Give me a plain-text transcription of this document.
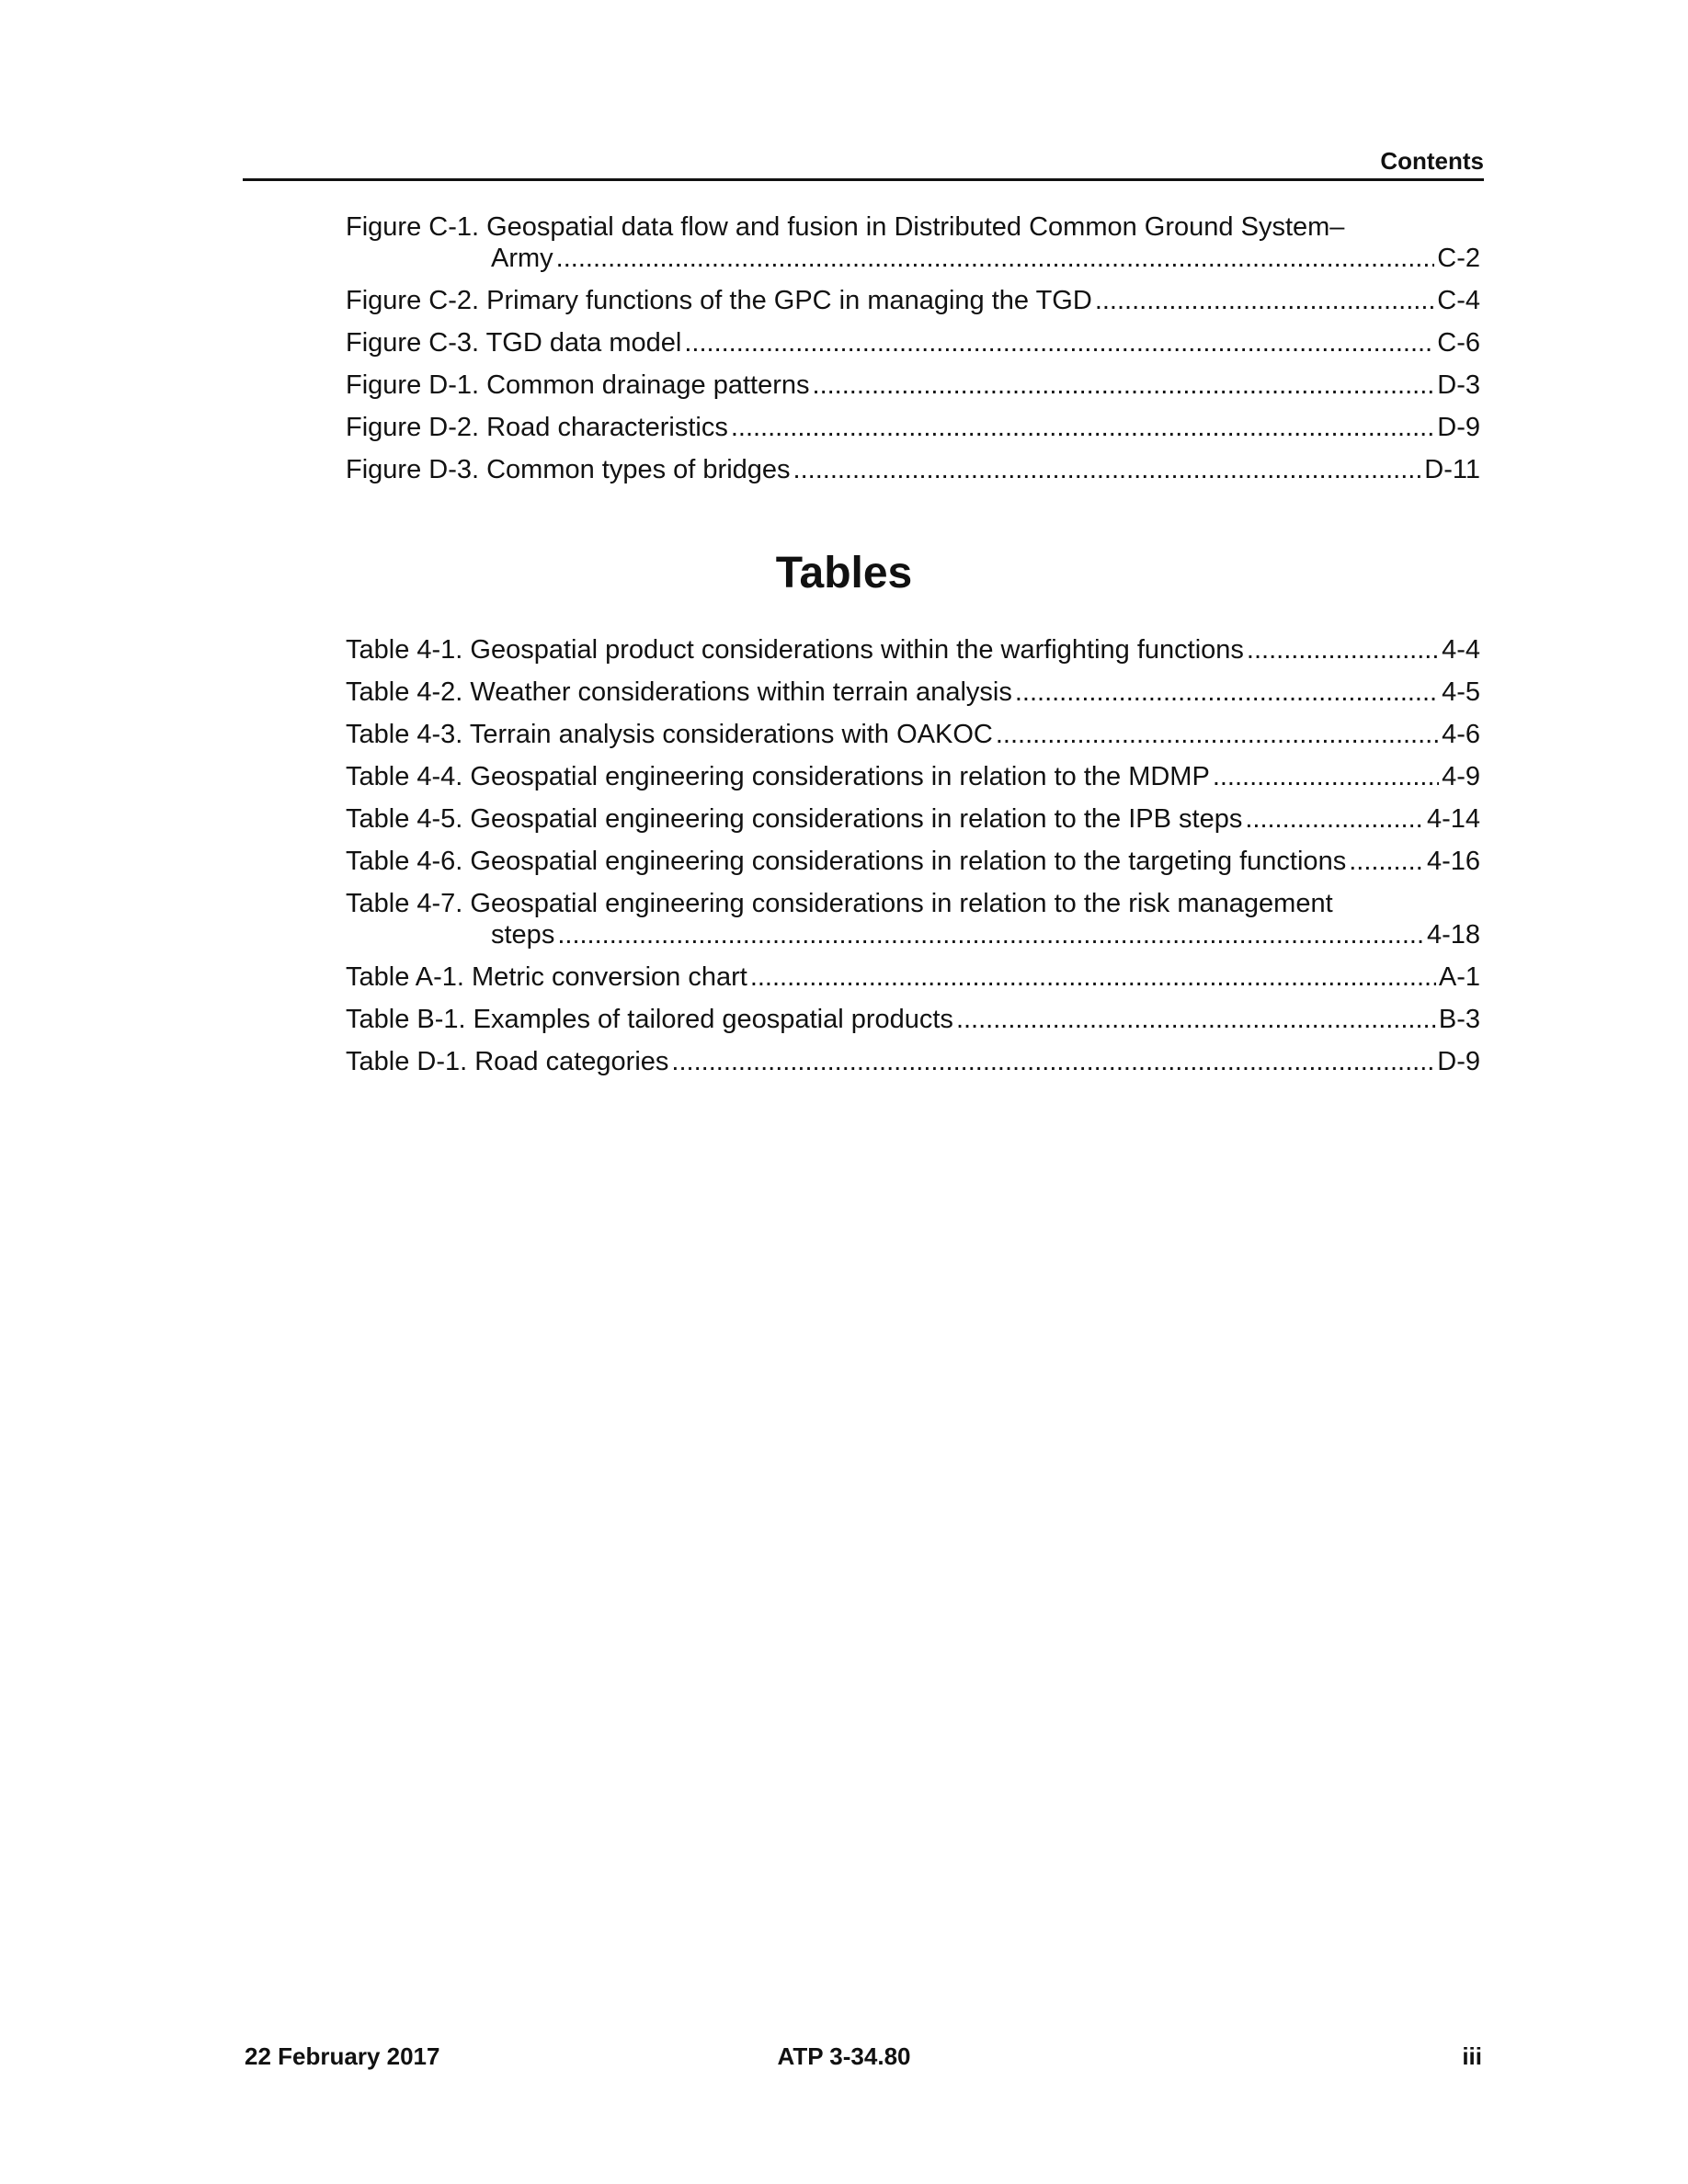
Contents

Figure C-1. Geospatial data flow and fusion in Distributed Common Ground System–
Army .....	C-2
Figure C-2. Primary functions of the GPC in managing the TGD .....	C-4
Figure C-3. TGD data model .....	C-6
Figure D-1. Common drainage patterns .....	D-3
Figure D-2. Road characteristics .....	D-9
Figure D-3. Common types of bridges .....	D-11
Tables
Table 4-1. Geospatial product considerations within the warfighting functions .....	4-4
Table 4-2. Weather considerations within terrain analysis .....	4-5
Table 4-3. Terrain analysis considerations with OAKOC .....	4-6
Table 4-4. Geospatial engineering considerations in relation to the MDMP .....	4-9
Table 4-5. Geospatial engineering considerations in relation to the IPB steps .....	4-14
Table 4-6. Geospatial engineering considerations in relation to the targeting functions .....	4-16
Table 4-7. Geospatial engineering considerations in relation to the risk management
steps .....	4-18
Table A-1. Metric conversion chart .....	A-1
Table B-1. Examples of tailored geospatial products .....	B-3
Table D-1. Road categories .....	D-9
22 February 2017	ATP 3-34.80	iii
